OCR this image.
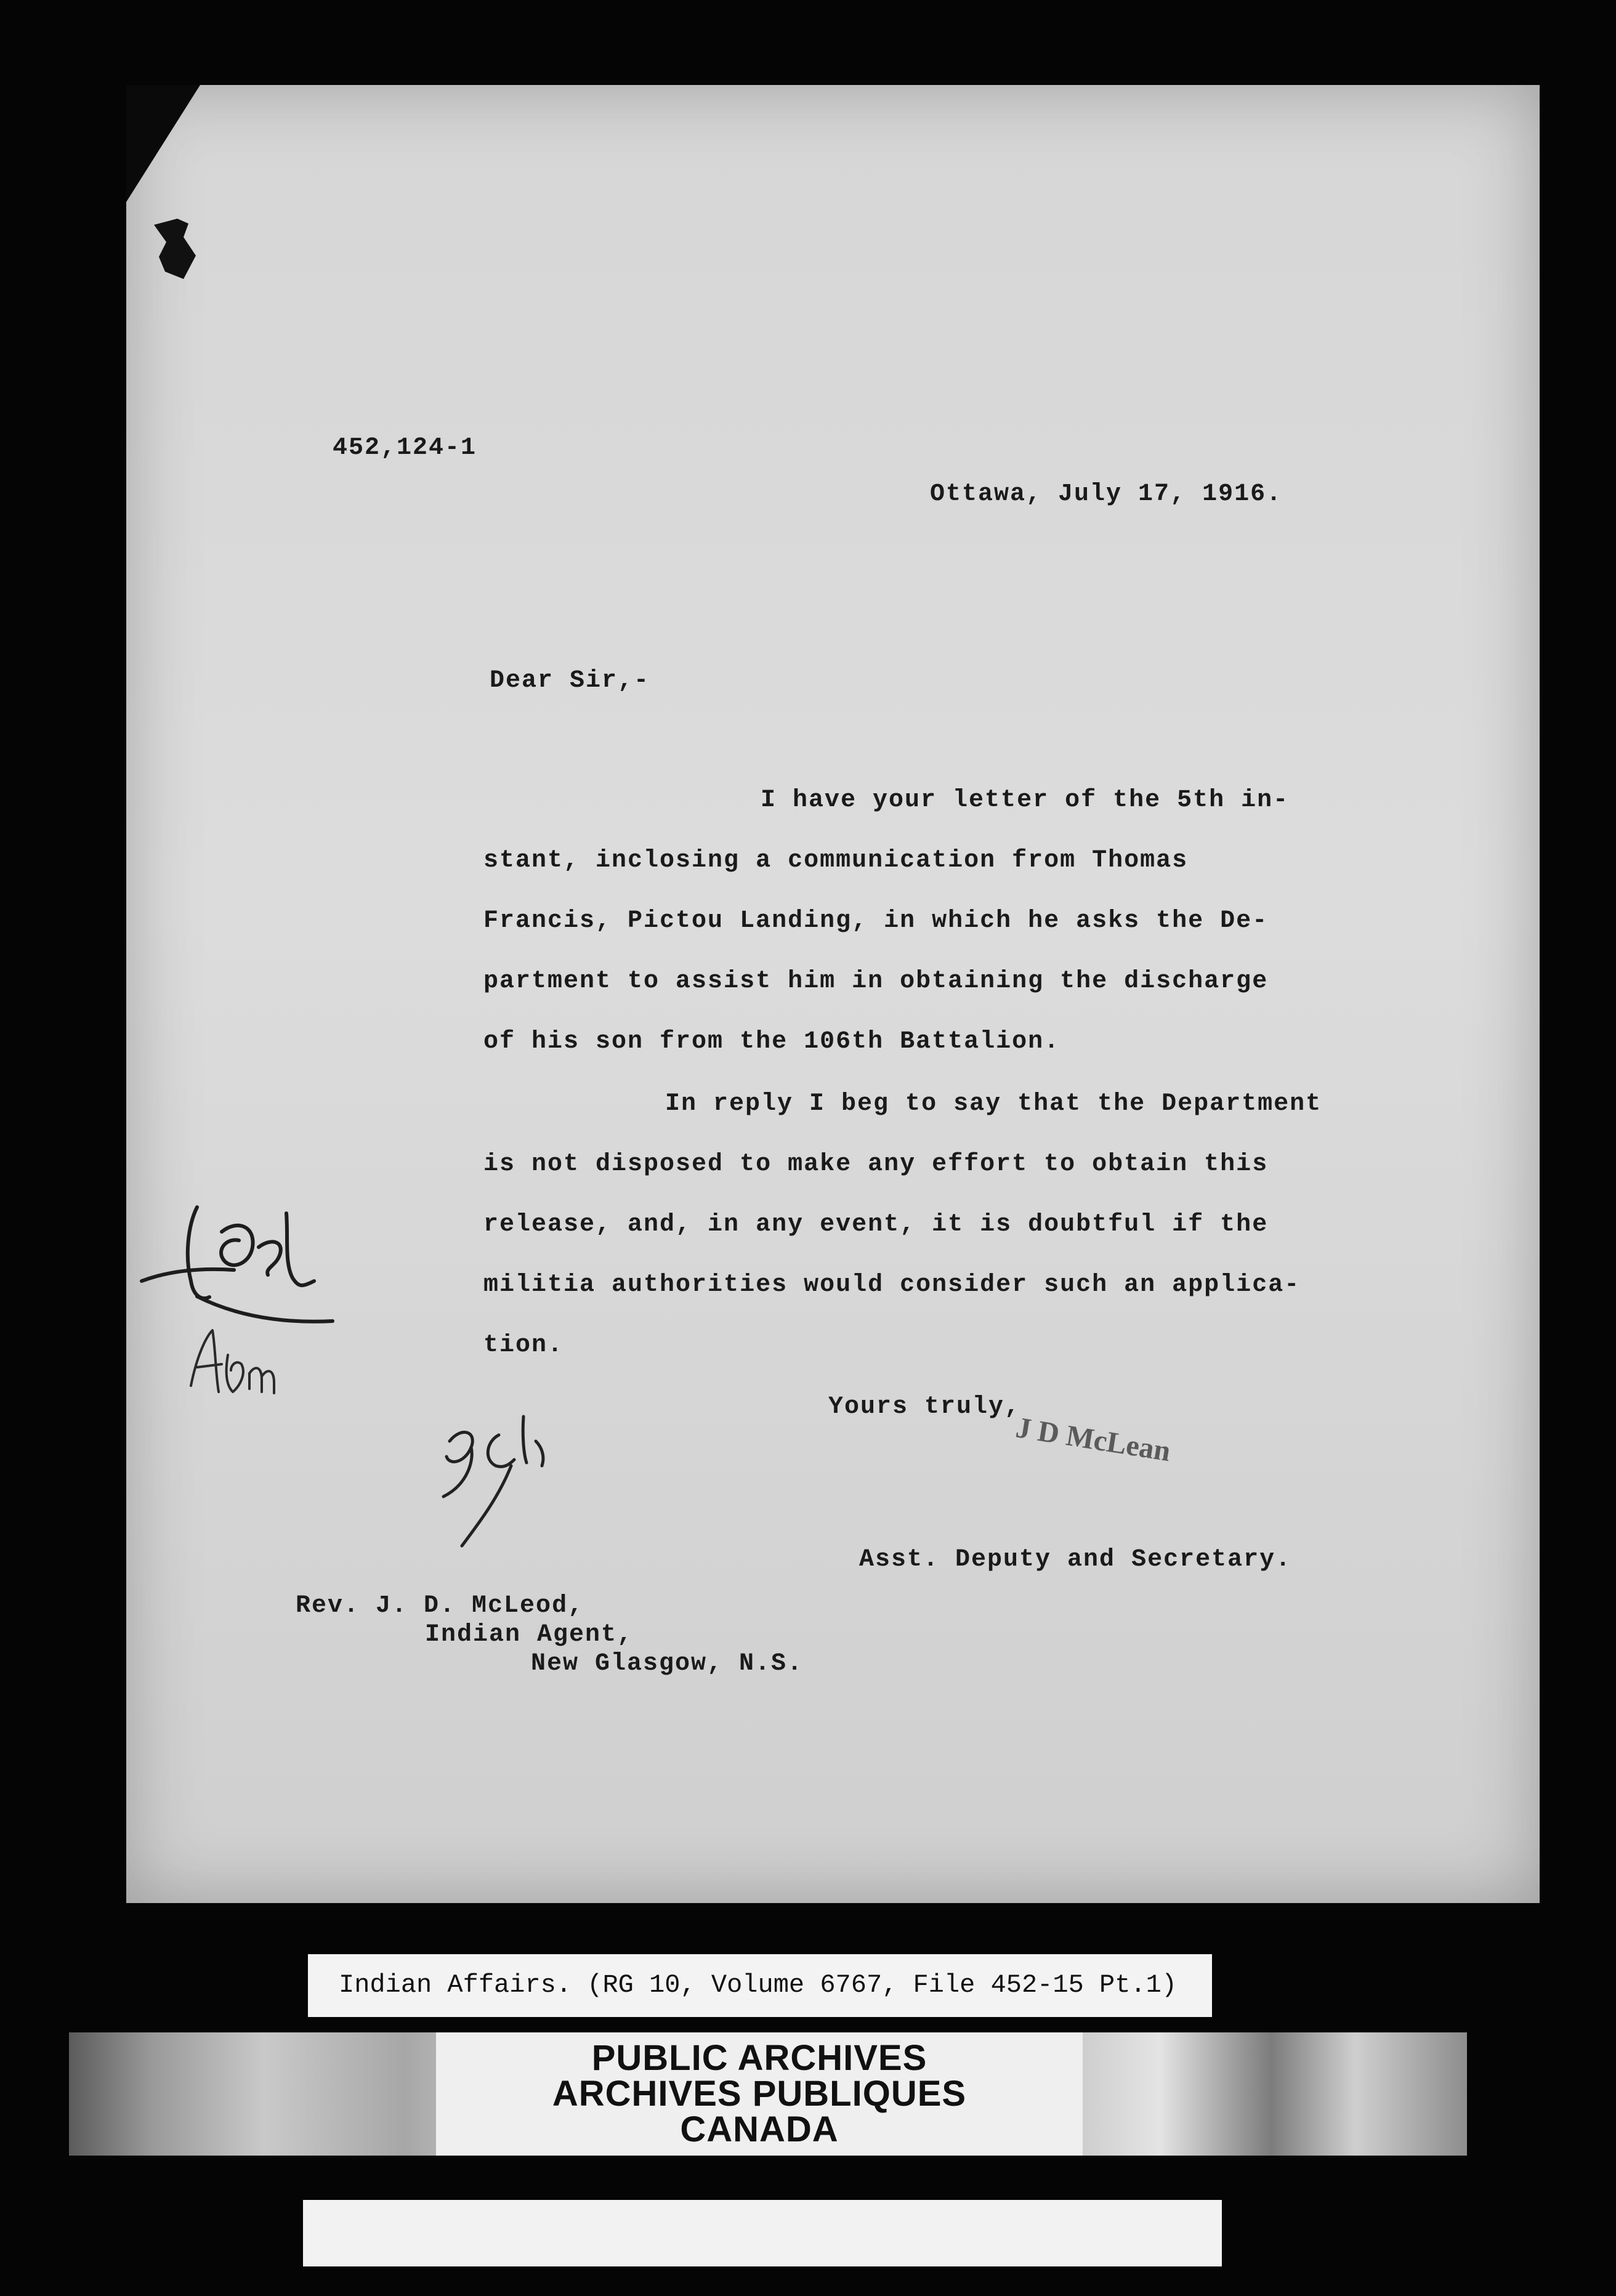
452,124-1
Ottawa, July 17, 1916.
Dear Sir,-
I have your letter of the 5th in-
stant, inclosing a communication from Thomas
Francis, Pictou Landing, in which he asks the De-
partment to assist him in obtaining the discharge
of his son from the 106th Battalion.
In reply I beg to say that the Department
is not disposed to make any effort to obtain this
release, and, in any event, it is doubtful if the
militia authorities would consider such an applica-
tion.
Yours truly,
J D McLean
Asst. Deputy and Secretary.
Rev. J. D. McLeod,
Indian Agent,
New Glasgow, N.S.
Indian Affairs. (RG 10, Volume 6767, File 452-15 Pt.1)
PUBLIC ARCHIVES
ARCHIVES PUBLIQUES
CANADA
